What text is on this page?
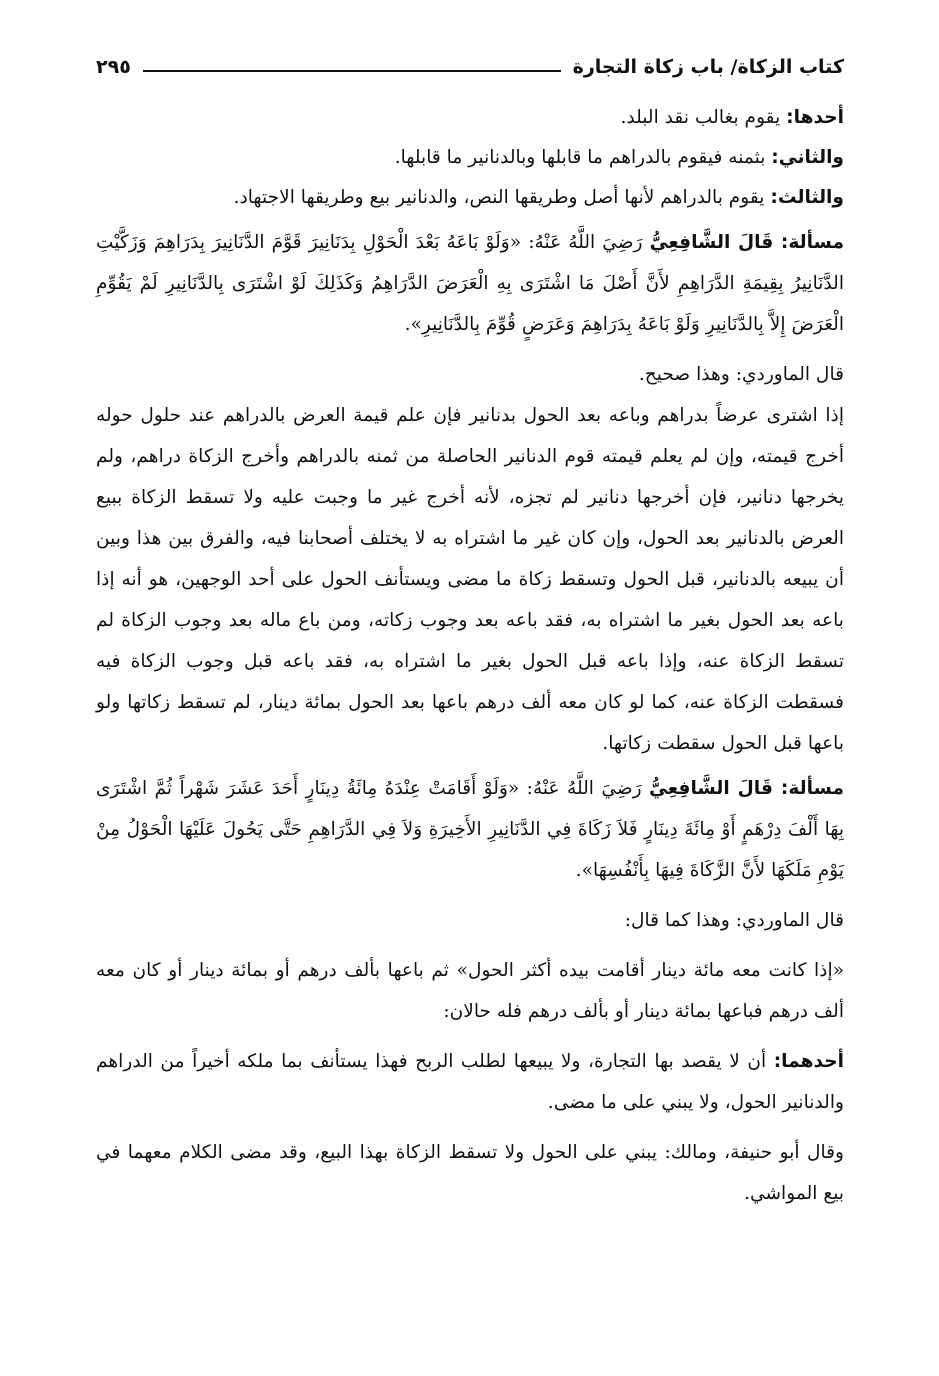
كتاب الزكاة/ باب زكاة التجارة
٢٩٥

أحدها: يقوم بغالب نقد البلد.

والثاني: بثمنه فيقوم بالدراهم ما قابلها وبالدنانير ما قابلها.

والثالث: يقوم بالدراهم لأنها أصل وطريقها النص، والدنانير بيع وطريقها الاجتهاد.

مسألة: قَالَ الشَّافِعِيُّ رَضِيَ اللَّهُ عَنْهُ: «وَلَوْ بَاعَهُ بَعْدَ الْحَوْلِ بِدَنَانِيرَ قَوَّمَ الدَّنَانِيرَ بِدَرَاهِمَ وَزَكَّيْتِ الدَّنَانِيرُ بِقِيمَةِ الدَّرَاهِمِ لأَنَّ أَصْلَ مَا اشْتَرَى بِهِ الْعَرَضَ الدَّرَاهِمُ وَكَذَلِكَ لَوْ اشْتَرَى بِالدَّنَانِيرِ لَمْ يَقُوِّمِ الْعَرَضَ إِلاَّ بِالدَّنَانِيرِ وَلَوْ بَاعَهُ بِدَرَاهِمَ وَعَرَضٍ قُوِّمَ بِالدَّنَانِيرِ».

قال الماوردي: وهذا صحيح.

إذا اشترى عرضاً بدراهم وباعه بعد الحول بدنانير فإن علم قيمة العرض بالدراهم عند حلول حوله أخرج قيمته، وإن لم يعلم قيمته قوم الدنانير الحاصلة من ثمنه بالدراهم وأخرج الزكاة دراهم، ولم يخرجها دنانير، فإن أخرجها دنانير لم تجزه، لأنه أخرج غير ما وجبت عليه ولا تسقط الزكاة ببيع العرض بالدنانير بعد الحول، وإن كان غير ما اشتراه به لا يختلف أصحابنا فيه، والفرق بين هذا وبين أن يبيعه بالدنانير، قبل الحول وتسقط زكاة ما مضى ويستأنف الحول على أحد الوجهين، هو أنه إذا باعه بعد الحول بغير ما اشتراه به، فقد باعه بعد وجوب زكاته، ومن باع ماله بعد وجوب الزكاة لم تسقط الزكاة عنه، وإذا باعه قبل الحول بغير ما اشتراه به، فقد باعه قبل وجوب الزكاة فيه فسقطت الزكاة عنه، كما لو كان معه ألف درهم باعها بعد الحول بمائة دينار، لم تسقط زكاتها ولو باعها قبل الحول سقطت زكاتها.

مسألة: قَالَ الشَّافِعِيُّ رَضِيَ اللَّهُ عَنْهُ: «وَلَوْ أَقَامَتْ عِنْدَهُ مِائَةُ دِينَارٍ أَحَدَ عَشَرَ شَهْراً ثُمَّ اشْتَرَى بِهَا أَلْفَ دِرْهَمٍ أَوْ مِائَةَ دِينَارٍ فَلاَ زَكَاةَ فِي الدَّنَانِيرِ الأَخِيرَةِ وَلاَ فِي الدَّرَاهِمِ حَتَّى يَحُولَ عَلَيْهَا الْحَوْلُ مِنْ يَوْمِ مَلَكَهَا لأَنَّ الزَّكَاةَ فِيهَا بِأَنْفُسِهَا».

قال الماوردي: وهذا كما قال:

«إذا كانت معه مائة دينار أقامت بيده أكثر الحول» ثم باعها بألف درهم أو بمائة دينار أو كان معه ألف درهم فباعها بمائة دينار أو بألف درهم فله حالان:

أحدهما: أن لا يقصد بها التجارة، ولا يبيعها لطلب الربح فهذا يستأنف بما ملكه أخيراً من الدراهم والدنانير الحول، ولا يبني على ما مضى.

وقال أبو حنيفة، ومالك: يبني على الحول ولا تسقط الزكاة بهذا البيع، وقد مضى الكلام معهما في بيع المواشي.
